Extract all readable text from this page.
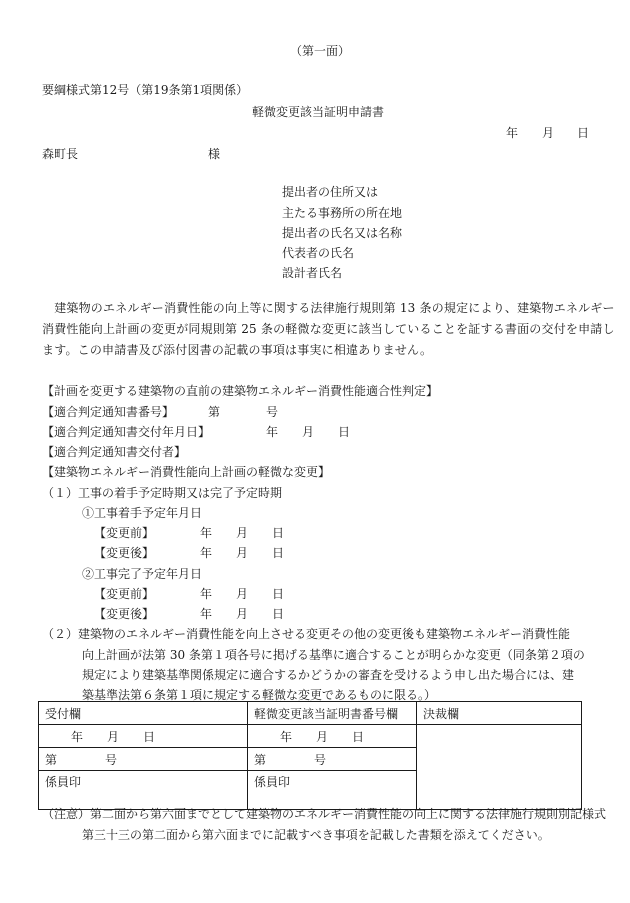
（第一面）
要綱様式第12号（第19条第1項関係）
軽微変更該当証明申請書
年 月 日
森町長	様
提出者の住所又は
主たる事務所の所在地
提出者の氏名又は名称
代表者の氏名
設計者氏名
　建築物のエネルギー消費性能の向上等に関する法律施行規則第 13 条の規定により、建築物エネルギー
消費性能向上計画の変更が同規則第 25 条の軽微な変更に該当していることを証する書面の交付を申請し
ます。この申請書及び添付図書の記載の事項は事実に相違ありません。
【計画を変更する建築物の直前の建築物エネルギー消費性能適合性判定】
【適合判定通知書番号】	第	号
【適合判定通知書交付年月日】	年 月 日
【適合判定通知書交付者】
【建築物エネルギー消費性能向上計画の軽微な変更】
（１）工事の着手予定時期又は完了予定時期
①工事着手予定年月日
【変更前】	年 月 日
【変更後】	年 月 日
②工事完了予定年月日
【変更前】	年 月 日
【変更後】	年 月 日
（２）建築物のエネルギー消費性能を向上させる変更その他の変更後も建築物エネルギー消費性能
向上計画が法第 30 条第１項各号に掲げる基準に適合することが明らかな変更（同条第２項の
規定により建築基準関係規定に適合するかどうかの審査を受けるよう申し出た場合には、建
築基準法第６条第１項に規定する軽微な変更であるものに限る。）
受付欄	軽微変更該当証明書番号欄	決裁欄
年 月 日	年 月 日	
第 号	第 号	
係員印	係員印	
（注意）第二面から第六面までとして建築物のエネルギー消費性能の向上に関する法律施行規則別記様式
第三十三の第二面から第六面までに記載すべき事項を記載した書類を添えてください。
